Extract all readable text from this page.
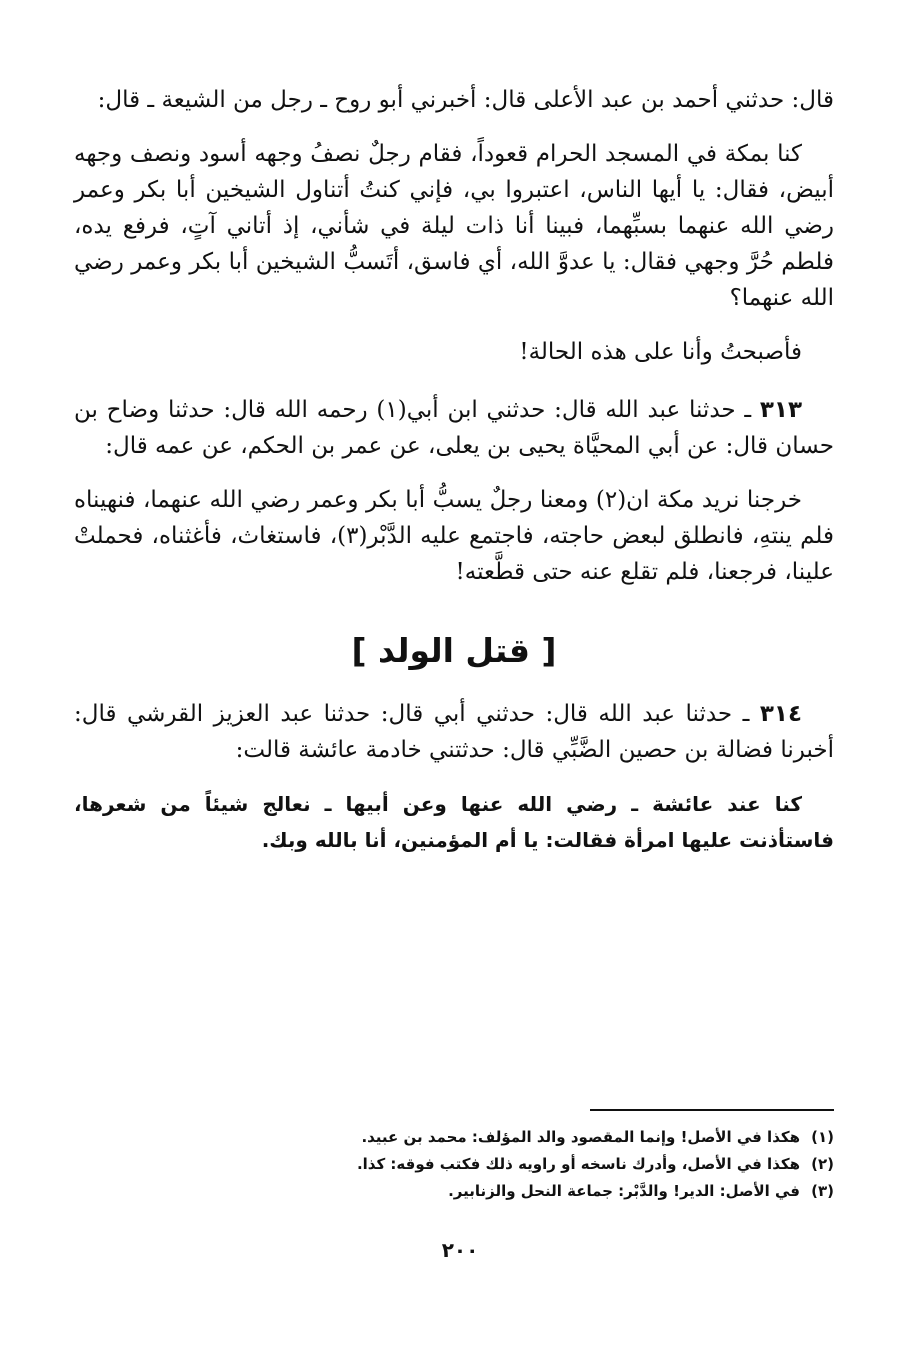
قال: حدثني أحمد بن عبد الأعلى قال: أخبرني أبو روح ـ رجل من الشيعة ـ قال:

كنا بمكة في المسجد الحرام قعوداً، فقام رجلٌ نصفُ وجهه أسود ونصف وجهه أبيض، فقال: يا أيها الناس، اعتبروا بي، فإني كنتُ أتناول الشيخين أبا بكر وعمر رضي الله عنهما بسبِّهما، فبينا أنا ذات ليلة في شأني، إذ أتاني آتٍ، فرفع يده، فلطم حُرَّ وجهي فقال: يا عدوَّ الله، أي فاسق، أتَسبُّ الشيخين أبا بكر وعمر رضي الله عنهما؟

فأصبحتُ وأنا على هذه الحالة!

٣١٣ ـ حدثنا عبد الله قال: حدثني ابن أبي(١) رحمه الله قال: حدثنا وضاح بن حسان قال: عن أبي المحيَّاة يحيى بن يعلى، عن عمر بن الحكم، عن عمه قال:

خرجنا نريد مكة ان(٢) ومعنا رجلٌ يسبُّ أبا بكر وعمر رضي الله عنهما، فنهيناه فلم ينتهِ، فانطلق لبعض حاجته، فاجتمع عليه الدَّبْر(٣)، فاستغاث، فأغثناه، فحملتْ علينا، فرجعنا، فلم تقلع عنه حتى قطَّعته!

[ قتل الولد ]

٣١٤ ـ حدثنا عبد الله قال: حدثني أبي قال: حدثنا عبد العزيز القرشي قال: أخبرنا فضالة بن حصين الضَّبِّي قال: حدثتني خادمة عائشة قالت:

كنا عند عائشة ـ رضي الله عنها وعن أبيها ـ نعالج شيئاً من شعرها، فاستأذنت عليها امرأة فقالت: يا أم المؤمنين، أنا بالله وبك.

(١)هكذا في الأصل! وإنما المقصود والد المؤلف: محمد بن عبيد.
(٢)هكذا في الأصل، وأدرك ناسخه أو راويه ذلك فكتب فوقه: كذا.
(٣)في الأصل: الدير! والدَّبْر: جماعة النحل والزنابير.
٢٠٠
